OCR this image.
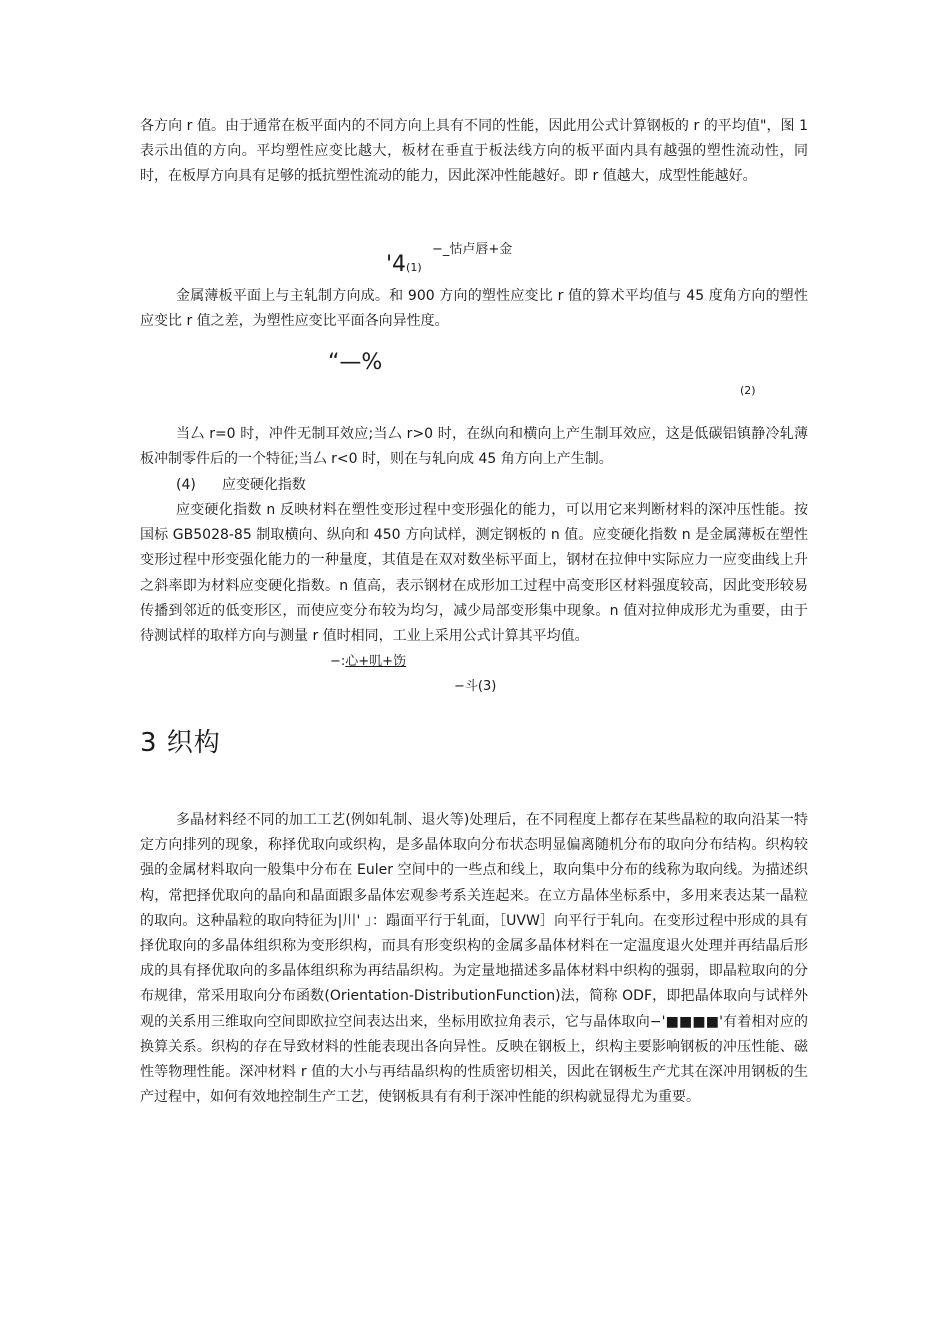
各方向 r 值。由于通常在板平面内的不同方向上具有不同的性能，因此用公式计算钢板的 r 的平均值"，图 1 表示出值的方向。平均塑性应变比越大，板材在垂直于板法线方向的板平面内具有越强的塑性流动性，同时，在板厚方向具有足够的抵抗塑性流动的能力，因此深冲性能越好。即 r 值越大，成型性能越好。

−_怙卢唇+金
'4(1)

金属薄板平面上与主轧制方向成。和 900 方向的塑性应变比 r 值的算术平均值与 45 度角方向的塑性应变比 r 值之差，为塑性应变比平面各向异性度。

“—%
(2)

当厶 r=0 时，冲件无制耳效应;当厶 r>0 时，在纵向和横向上产生制耳效应，这是低碳铝镇静冷轧薄板冲制零件后的一个特征;当厶 r<0 时，则在与轧向成 45 角方向上产生制。

(4) 应变硬化指数

应变硬化指数 n 反映材料在塑性变形过程中变形强化的能力，可以用它来判断材料的深冲压性能。按国标 GB5028-85 制取横向、纵向和 450 方向试样，测定钢板的 n 值。应变硬化指数 n 是金属薄板在塑性变形过程中形变强化能力的一种量度，其值是在双对数坐标平面上，钢材在拉伸中实际应力一应变曲线上升之斜率即为材料应变硬化指数。n 值高，表示钢材在成形加工过程中高变形区材料强度较高，因此变形较易传播到邻近的低变形区，而使应变分布较为均匀，减少局部变形集中现象。n 值对拉伸成形尤为重要，由于待测试样的取样方向与测量 r 值时相同，工业上采用公式计算其平均值。

−:心+叽+饬
−斗(3)
3 织构

多晶材料经不同的加工工艺(例如轧制、退火等)处理后，在不同程度上都存在某些晶粒的取向沿某一特定方向排列的现象，称择优取向或织构，是多晶体取向分布状态明显偏离随机分布的取向分布结构。织构较强的金属材料取向一般集中分布在 Euler 空间中的一些点和线上，取向集中分布的线称为取向线。为描述织构，常把择优取向的晶向和晶面跟多晶体宏观参考系关连起来。在立方晶体坐标系中，多用来表达某一晶粒的取向。这种晶粒的取向特征为|川' 」：蹋面平行于轧面，［UVW］向平行于轧向。在变形过程中形成的具有择优取向的多晶体组织称为变形织构，而具有形变织构的金属多晶体材料在一定温度退火处理并再结晶后形成的具有择优取向的多晶体组织称为再结晶织构。为定量地描述多晶体材料中织构的强弱，即晶粒取向的分布规律，常采用取向分布函数(Orientation-DistributionFunction)法，简称 ODF，即把晶体取向与试样外观的关系用三维取向空间即欧拉空间表达出来，坐标用欧拉角表示，它与晶体取向−'■■■■'有着相对应的换算关系。织构的存在导致材料的性能表现出各向异性。反映在钢板上，织构主要影响钢板的冲压性能、磁性等物理性能。深冲材料 r 值的大小与再结晶织构的性质密切相关，因此在钢板生产尤其在深冲用钢板的生产过程中，如何有效地控制生产工艺，使钢板具有有利于深冲性能的织构就显得尤为重要。
